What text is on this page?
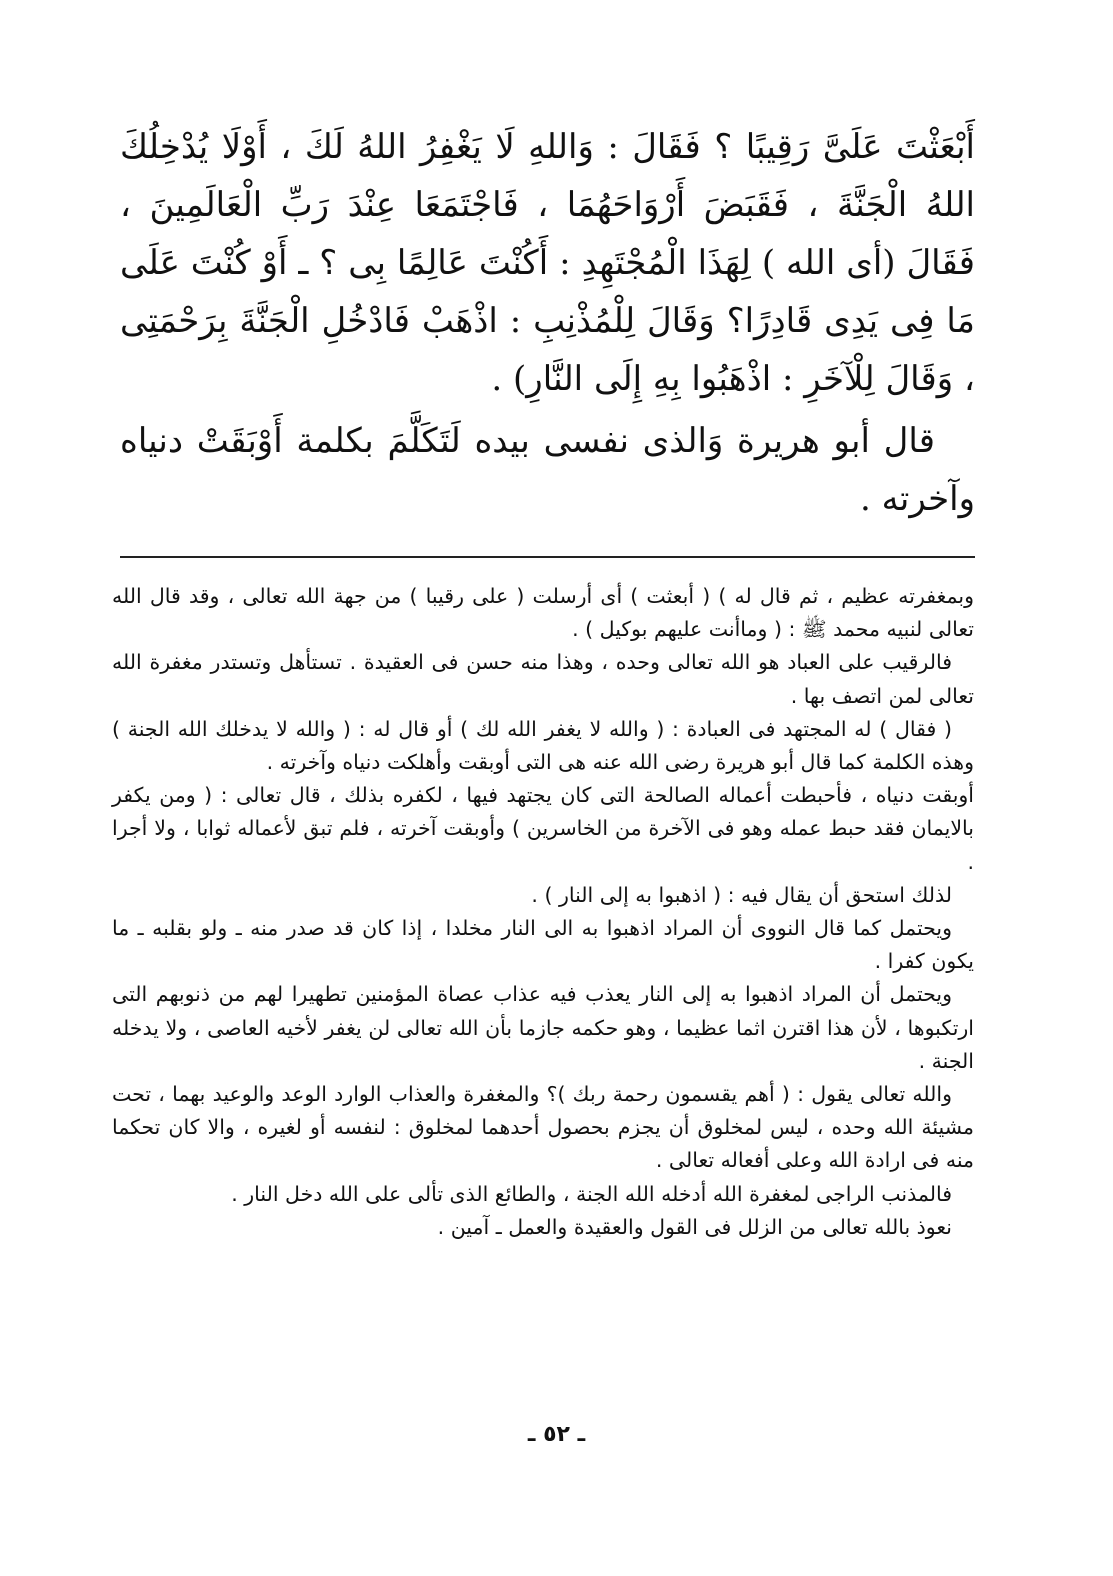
أَبْعَثْتَ عَلَىَّ رَقِيبًا ؟ فَقَالَ : وَاللهِ لَا يَغْفِرُ اللهُ لَكَ ، أَوْلَا يُدْخِلُكَ اللهُ الْجَنَّةَ ، فَقَبَضَ أَرْوَاحَهُمَا ، فَاجْتَمَعَا عِنْدَ رَبِّ الْعَالَمِينَ ، فَقَالَ (أى الله ) لِهَذَا الْمُجْتَهِدِ : أَكُنْتَ عَالِمًا بِى ؟ ـ أَوْ كُنْتَ عَلَى مَا فِى يَدِى قَادِرًا؟ وَقَالَ لِلْمُذْنِبِ : اذْهَبْ فَادْخُلِ الْجَنَّةَ بِرَحْمَتِى ، وَقَالَ لِلْآخَرِ : اذْهَبُوا بِهِ إِلَى النَّارِ) .

قال أبو هريرة وَالذى نفسى بيده لَتَكَلَّمَ بكلمة أَوْبَقَتْ دنياه وآخرته .

وبمغفرته عظيم ، ثم قال له ) ( أبعثت ) أى أرسلت ( على رقيبا ) من جهة الله تعالى ، وقد قال الله تعالى لنبيه محمد ﷺ : ( وماأنت عليهم بوكيل ) .

فالرقيب على العباد هو الله تعالى وحده ، وهذا منه حسن فى العقيدة . تستأهل وتستدر مغفرة الله تعالى لمن اتصف بها .

( فقال ) له المجتهد فى العبادة : ( والله لا يغفر الله لك ) أو قال له : ( والله لا يدخلك الله الجنة ) وهذه الكلمة كما قال أبو هريرة رضى الله عنه هى التى أوبقت وأهلكت دنياه وآخرته .

أوبقت دنياه ، فأحبطت أعماله الصالحة التى كان يجتهد فيها ، لكفره بذلك ، قال تعالى : ( ومن يكفر بالايمان فقد حبط عمله وهو فى الآخرة من الخاسرين ) وأوبقت آخرته ، فلم تبق لأعماله ثوابا ، ولا أجرا .

لذلك استحق أن يقال فيه : ( اذهبوا به إلى النار ) .

ويحتمل كما قال النووى أن المراد اذهبوا به الى النار مخلدا ، إذا كان قد صدر منه ـ ولو بقلبه ـ ما يكون كفرا .

ويحتمل أن المراد اذهبوا به إلى النار يعذب فيه عذاب عصاة المؤمنين تطهيرا لهم من ذنوبهم التى ارتكبوها ، لأن هذا اقترن اثما عظيما ، وهو حكمه جازما بأن الله تعالى لن يغفر لأخيه العاصى ، ولا يدخله الجنة .

والله تعالى يقول : ( أهم يقسمون رحمة ربك )؟ والمغفرة والعذاب الوارد الوعد والوعيد بهما ، تحت مشيئة الله وحده ، ليس لمخلوق أن يجزم بحصول أحدهما لمخلوق : لنفسه أو لغيره ، والا كان تحكما منه فى ارادة الله وعلى أفعاله تعالى .

فالمذنب الراجى لمغفرة الله أدخله الله الجنة ، والطائع الذى تألى على الله دخل النار .

نعوذ بالله تعالى من الزلل فى القول والعقيدة والعمل ـ آمين .

ـ ٥٢ ـ
